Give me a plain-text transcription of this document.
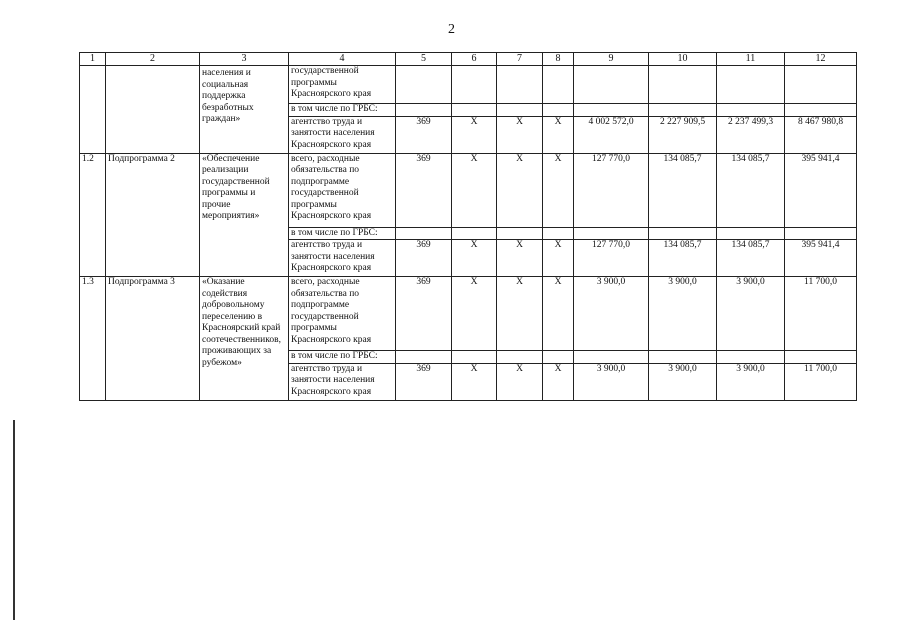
2
1	2	3	4	5	6	7	8	9	10	11	12
		населения и социальная поддержка безработных граждан»	государственной программы Красноярского края								
			в том числе по ГРБС:								
			агентство труда и занятости населения Красноярского края	369	Х	Х	Х	4 002 572,0	2 227 909,5	2 237 499,3	8 467 980,8
1.2	Подпрограмма 2	«Обеспечение реализации государственной программы и прочие мероприятия»	всего, расходные обязательства по подпрограмме государственной программы Красноярского края	369	Х	Х	Х	127 770,0	134 085,7	134 085,7	395 941,4
			в том числе по ГРБС:								
			агентство труда и занятости населения Красноярского края	369	Х	Х	Х	127 770,0	134 085,7	134 085,7	395 941,4
1.3	Подпрограмма 3	«Оказание содействия добровольному переселению в Красноярский край соотечественников, проживающих за рубежом»	всего, расходные обязательства по подпрограмме государственной программы Красноярского края	369	Х	Х	Х	3 900,0	3 900,0	3 900,0	11 700,0
			в том числе по ГРБС:								
			агентство труда и занятости населения Красноярского края	369	Х	Х	Х	3 900,0	3 900,0	3 900,0	11 700,0
